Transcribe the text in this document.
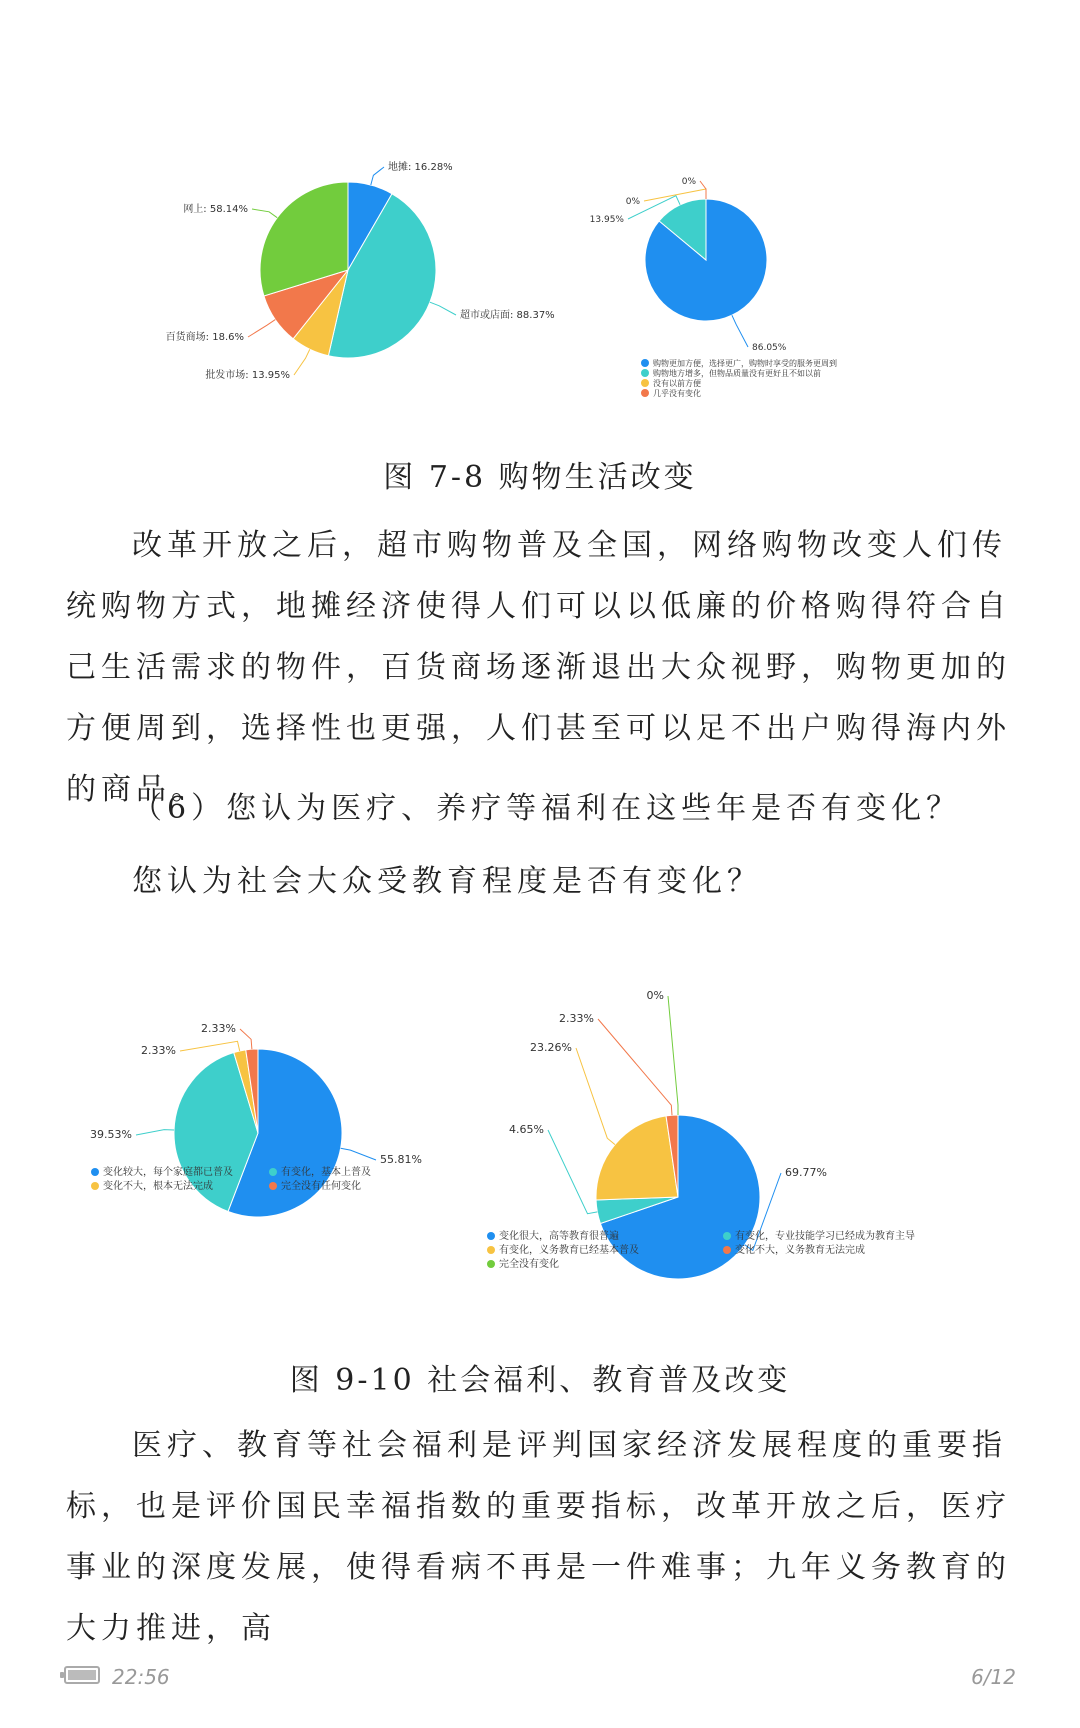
地摊: 16.28%
超市或店面: 88.37%
批发市场: 13.95%
百货商场: 18.6%
网上: 58.14%
86.05%
13.95%
0%
0%
购物更加方便，选择更广，购物时享受的服务更周到
购物地方增多，但物品质量没有更好且不如以前
没有以前方便
几乎没有变化
图 7-8 购物生活改变

改革开放之后，超市购物普及全国，网络购物改变人们传统购物方式，地摊经济使得人们可以以低廉的价格购得符合自己生活需求的物件，百货商场逐渐退出大众视野，购物更加的方便周到，选择性也更强，人们甚至可以足不出户购得海内外的商品。

（6）您认为医疗、养疗等福利在这些年是否有变化？

您认为社会大众受教育程度是否有变化？

55.81%
39.53%
2.33%
2.33%
变化较大，每个家庭都已普及	有变化，基本上普及
变化不大，根本无法完成	完全没有任何变化
69.77%
4.65%
23.26%
2.33%
0%
变化很大，高等教育很普遍	有变化，专业技能学习已经成为教育主导
有变化，义务教育已经基本普及	变化不大，义务教育无法完成
完全没有变化
图 9-10 社会福利、教育普及改变

医疗、教育等社会福利是评判国家经济发展程度的重要指标，也是评价国民幸福指数的重要指标，改革开放之后，医疗事业的深度发展，使得看病不再是一件难事；九年义务教育的大力推进，高

22:56	6/12
